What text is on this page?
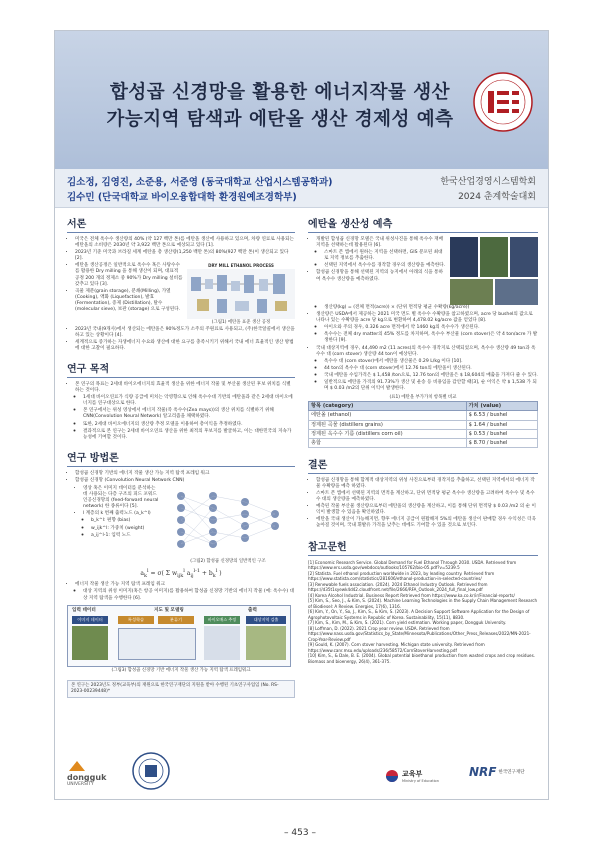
합성곱 신경망을 활용한 에너지작물 생산
가능지역 탐색과 에탄올 생산 경제성 예측
김소정, 김영진, 소준용, 서준영 (동국대학교 산업시스템공학과)
김수민 (단국대학교 바이오융합대학 환경원예조경학부)
한국산업경영시스템학회
2024 춘계학술대회
서론
• 미국은 전체 옥수수 생산량의 40% (약 127 백만 톤)를 에탄올 생산에 사용하고 있으며, 차량 연료로 사용되는 에탄올의 소비량은 2030년 약 3,922 백만 톤으로 예상되고 있다 [1].
• 2023년 기준 미국과 브라질 세계 에탄올 총 생산량(1,250 백만 톤)의 80%(927 백만 톤)이 생산되고 있다 [2].
• 에탄올 생산공정은 일반적으로 옥수수 혹은 사탕수수를 활용한 Dry milling 을 통해 생산이 되며, 대표적 공정 200 개의 정제소 중 90%가 Dry milling 설비를 갖추고 있다 [3].
• 곡물 제분(grain storage), 분쇄(Milling), 가열 (Cooking), 액화 (Liquefaction), 발효 (Fermentation), 증제 (Distillation), 탈수 (molecular sieve), 보관 (storage) 으로 구성된다.
DRY MILL ETHANOL PROCESS
(그림1) 에탄올 표준 생산 공정
• 2023년 국내(9개사)에서 생산되는 에탄올은 90%정도가 소주의 주원료로 사용되고, (주)한국알콜에서 생산을 하고 있는 상황이다 [4].
• 세계적으로 증가하는 자생에너지 수요와 생산에 대한 요구를 충족시키기 위해서 국내 에너 효율적인 생산 방법에 대한 고찰이 필요하다.
연구 목적
• 본 연구의 목표는 2세대 바이오에너지의 효율적 생산을 위한 에너지 작물 및 부산물 생산된 후보 위치를 식별하는 것이다.
◦ 1세대 바이오연료가 식량 공급에 미치는 악영향으로 인해 옥수수대 기반의 에탄올과 같은 2세대 바이오에너지를 연구대상으로 한다.
◦ 본 연구에서는 위성 영상에서 에너지 작물(즉 옥수수(Zea mays))의 생산 위치를 식별하기 위해 CNN(Convolution Neural Network) 알고리즘을 채택하였다.
◦ 또한, 2세대 바이오에너지의 생산량 추정 모델을 이용하여 총이익을 추정하였다.
◦ 결과적으로 본 연구는 2세대 바이오연료 생산을 위한 최적의 후보지를 발굴하고, 이는 대한민국의 지속가능성에 기여할 것이다.
연구 방법론
• 합성곱 신경망 기반의 에너지 작물 생산 가능 지역 탐색 프레임 워크
• 합성곱 신경망 (Convolution Neural Network CNN)
• 영상 혹은 이미지 데이터를 분석하는데 사용되는 다층 구조의 피드 포워드 인공신경망의 (feed-forward neural network) 한 종류이다 [5].
• l 계층의 k 번째 출력노드 (a_k^l)
◦ b_k^l: 편향 (bias)
◦ w_ijk^l: 가중치 (weight)
◦ a_ij^l-1: 입력 노드
(그림2) 합성곱 신경망의 일반적인 구조
$a_k^l = \sigma$( Σ $w_{ijk}^l$ $a_{ij}^{l-1} + b_k^l$ )
• 에너지 작물 생산 가능 지역 탐색 프레임 워크
◦ 대상 지역의 위성 이미지(혹은 항공 이미지)를 활용하여 합성곱 신경망 기반의 에너지 작물 (예: 옥수수) 대상 지역 탐색을 수행한다 [6].
입력 데이터	지도 및 모델링	출력
이미지 데이터	특성학습	분류기	바이오매스 추정	대상지역 검출
(그림3) 합성곱 신경망 기반 에너지 작물 생산 가능 지역 탐색 프레임워크
본 연구는 2023년도 정부(교육부)의 재원으로 한국연구재단의 지원을 받아 수행된 기초연구사업임 (No. RS-2023-00239448)*
에탄올 생산성 예측
• 개발된 합성곱 신경망 모델은 국내 위성사진을 통해 옥수수 재배지역을 선택하는데 활용된다 [6].
◦ 스마트 폰 앱에서 원하는 지역을 선택하면, GIS 분포된 최대로 지역 정보를 추출한다.
◦ 선택된 지역에서 옥수수를 경작할 경우의 생산량을 예측한다.
• 합성곱 신경망을 통해 선택된 지역의 농지에서 아래의 식을 통하여 옥수수 생산량을 예측하였다.
◦ 생산량(kg) = (전체 면적(acre)) × (단위 면적당 평균 수확량(kg/acre))
• 생산량은 USDA에서 제공하는 2021 미국 면도 별 옥수수 수확량을 참고하였으며, acre 당 bushel의 값으로 나타나 있는 수확량을 acre 당 kg으로 변환하여 4,478.02 kg/acre 값을 얻었다 [8].
◦ 아이오와 주의 경우, 0.326 acre 면적에서 약 1460 kg의 옥수수가 생산된다.
◦ 옥수수는 전체 dry matter의 45% 정도를 차지하며, 옥수수 부산물 (corn stover)은 약 4 ton/acre 가 발생한다 [9].
• 국내 대상지역에 경우, 44,490 m2 (11 acres)의 옥수수 경작지로 산택되었으며, 옥수수 생산량 49 ton과 옥수수 대 (corn stover) 생산량 44 ton이 예상된다.
◦ 옥수수 대 (corn stover)에서 에탄올 생산물은 0.29 L/kg 이다 [10].
◦ 44 ton의 옥수수 대 (corn stover)에서 12.76 ton의 에탄올이 생산된다.
◦ 국내 에탄올 수입가격은 $ 1,458 /ton으로, 12.76 ton의 에탄올은 $ 18,604의 매출을 가져다 줄 수 있다.
◦ 일반적으로 에탄올 가격의 91.73%가 생산 및 운송 등 비용임을 감안할 때[3], 순 이익은 약 $ 1,538 가 되며 $ 0.03 /m2의 단위 이익이 발생한다.
(표1) 에탄올 부가가치 항목별 비교
항목 (category)	가치 (value)
에탄올 (ethanol)	$ 6.53 / bushel
정제된 곡물 (distillers grains)	$ 1.64 / bushel
정제된 옥수수 기름 (distillers corn oil)	$ 0.53 / bushel
총합	$ 8.70 / bushel
결론
• 합성곱 신경망을 통해 합계적 대상지역의 위성 사진으로부터 경작지를 추출하고, 선택된 지역에서의 에너지 작물 수확량을 예측 하였다.
• 스마트 폰 앱에서 선택된 지역의 면적을 계산하고, 단위 면적당 평균 옥수수 생산량을 고려하여 옥수수 및 옥수수 대의 생산량을 예측하였다.
• 예측된 작물 부산물 생산량으로부터 에탄올의 생산량을 계산하고, 이를 통해 단위 면적당 $ 0.03 /m2 의 순 이익이 발생할 수 있음을 확인하였다.
• 에탄올 국내 생산이 가능해지면, 향후 에너지 공급이 원활해져 5%의 에탄올 생산이 판매할 경우 수익성은 더욱 높아질 것이며, 국내 휘발유 가격을 낮추는 데에도 기여할 수 있을 것으로 보인다.
참고문헌
[1] Economic Research Service. Global Demand for Fuel Ethanol Through 2030. USDA. Retrieved from https://www.ers.usda.gov/webdocs/outlooks/105762/bio-05.pdf?v=5239.5
[2] Statista. Fuel ethanol production worldwide in 2023, by leading country. Retrieved from https://www.statista.com/statistics/281606/ethanol-production-in-selected-countries/
[3] Renewable fuels association. (2024). 2024 Ethanol Industry Outlook. Retrieved from https://d35t1syewk4d42.cloudfront.net/file/2666/RFA_Outlook_2024_full_final_low.pdf
[4] Korea Alcohol Industrial. Business Report Retrieved from https://www.ka.co.kr/ir/Financial-reports/
[5] Kim, S., Seo, J., & Kim, S. (2024). Machine Learning Technologies in the Supply Chain Management Research of Biodiesel: A Review. Energies, 17(6), 1316.
[6] Kim, Y., On, Y., So, J., Kim, S., & Kim, S. (2023). A Decision Support Software Application for the Design of Agrophotovoltaic Systems in Republic of Korea. Sustainability, 15(11), 8830.
[7] Kim, S., Kim, M., & Kim, S. (2021). Corn yield estimation. Working paper, Dongguk University.
[8] Loffman, D. (2022). 2021 Crop year review. USDA. Retrieved from https://www.nass.usda.gov/Statistics_by_State/Minnesota/Publications/Other_Press_Releases/2022/MN-2021-Crop-Year-Review.pdf
[9] Gould, K. (2007). Corn stover harvesting. Michigan state university. Retrieved from https://www.canr.msu.edu/uploads/236/58572/CornStoverHarvesting.pdf
[10] Kim, S., & Dale, B. E. (2004). Global potential bioethanol production from wasted crops and crop residues. Biomass and bioenergy, 26(4), 361-375.
dongguk
UNIVERSITY
교육부
Ministry of Education
NRF 한국연구재단
– 453 –
